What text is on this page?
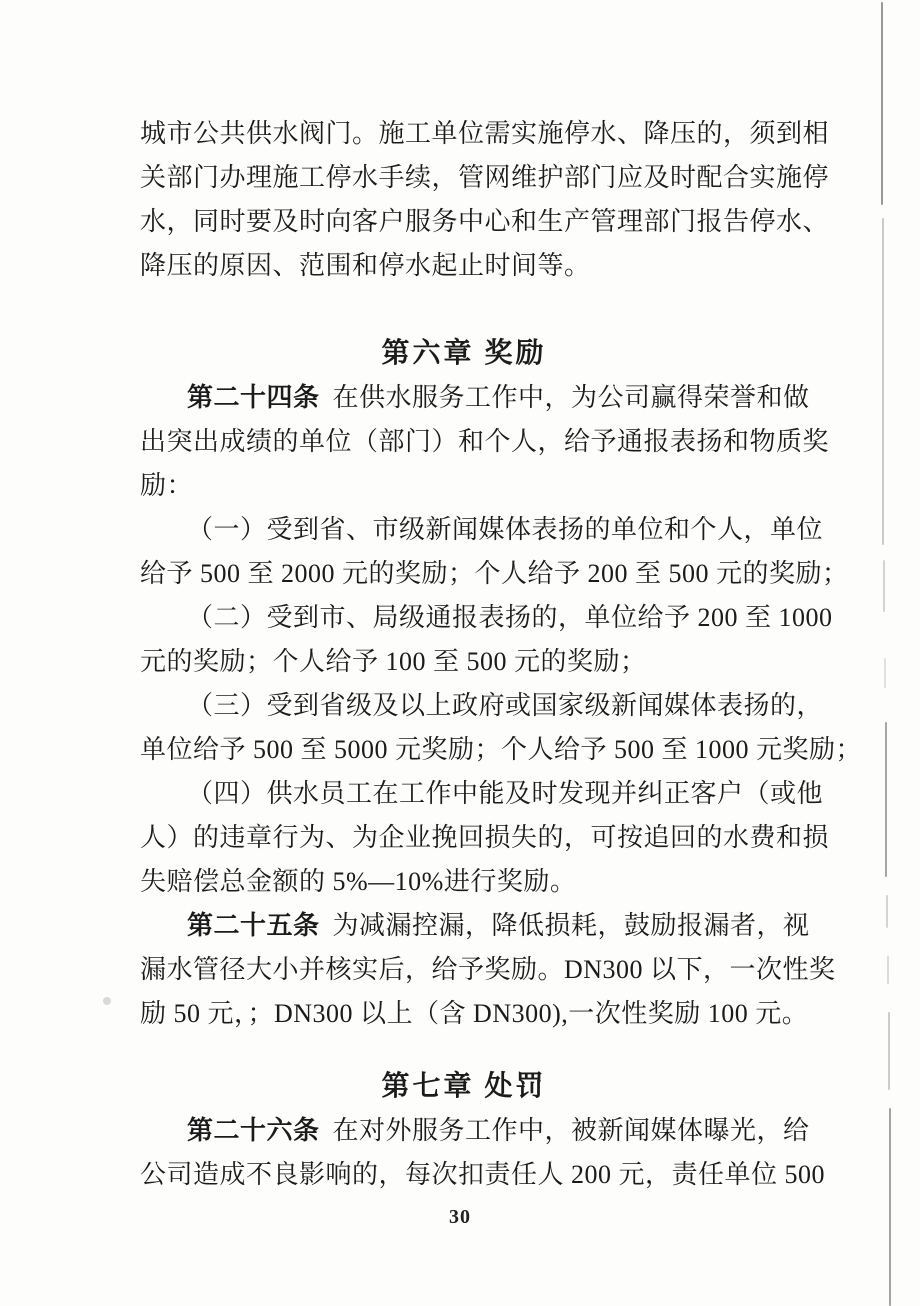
城市公共供水阀门。施工单位需实施停水、降压的，须到相
关部门办理施工停水手续，管网维护部门应及时配合实施停
水，同时要及时向客户服务中心和生产管理部门报告停水、
降压的原因、范围和停水起止时间等。
第六章 奖励
第二十四条 在供水服务工作中，为公司赢得荣誉和做
出突出成绩的单位（部门）和个人，给予通报表扬和物质奖
励：
（一）受到省、市级新闻媒体表扬的单位和个人，单位
给予 500 至 2000 元的奖励；个人给予 200 至 500 元的奖励；
（二）受到市、局级通报表扬的，单位给予 200 至 1000
元的奖励；个人给予 100 至 500 元的奖励；
（三）受到省级及以上政府或国家级新闻媒体表扬的，
单位给予 500 至 5000 元奖励；个人给予 500 至 1000 元奖励；
（四）供水员工在工作中能及时发现并纠正客户（或他
人）的违章行为、为企业挽回损失的，可按追回的水费和损
失赔偿总金额的 5%—10%进行奖励。
第二十五条 为减漏控漏，降低损耗，鼓励报漏者，视
漏水管径大小并核实后，给予奖励。DN300 以下，一次性奖
励 50 元，；DN300 以上（含 DN300),一次性奖励 100 元。
第七章 处罚
第二十六条 在对外服务工作中，被新闻媒体曝光，给
公司造成不良影响的，每次扣责任人 200 元，责任单位 500
30
